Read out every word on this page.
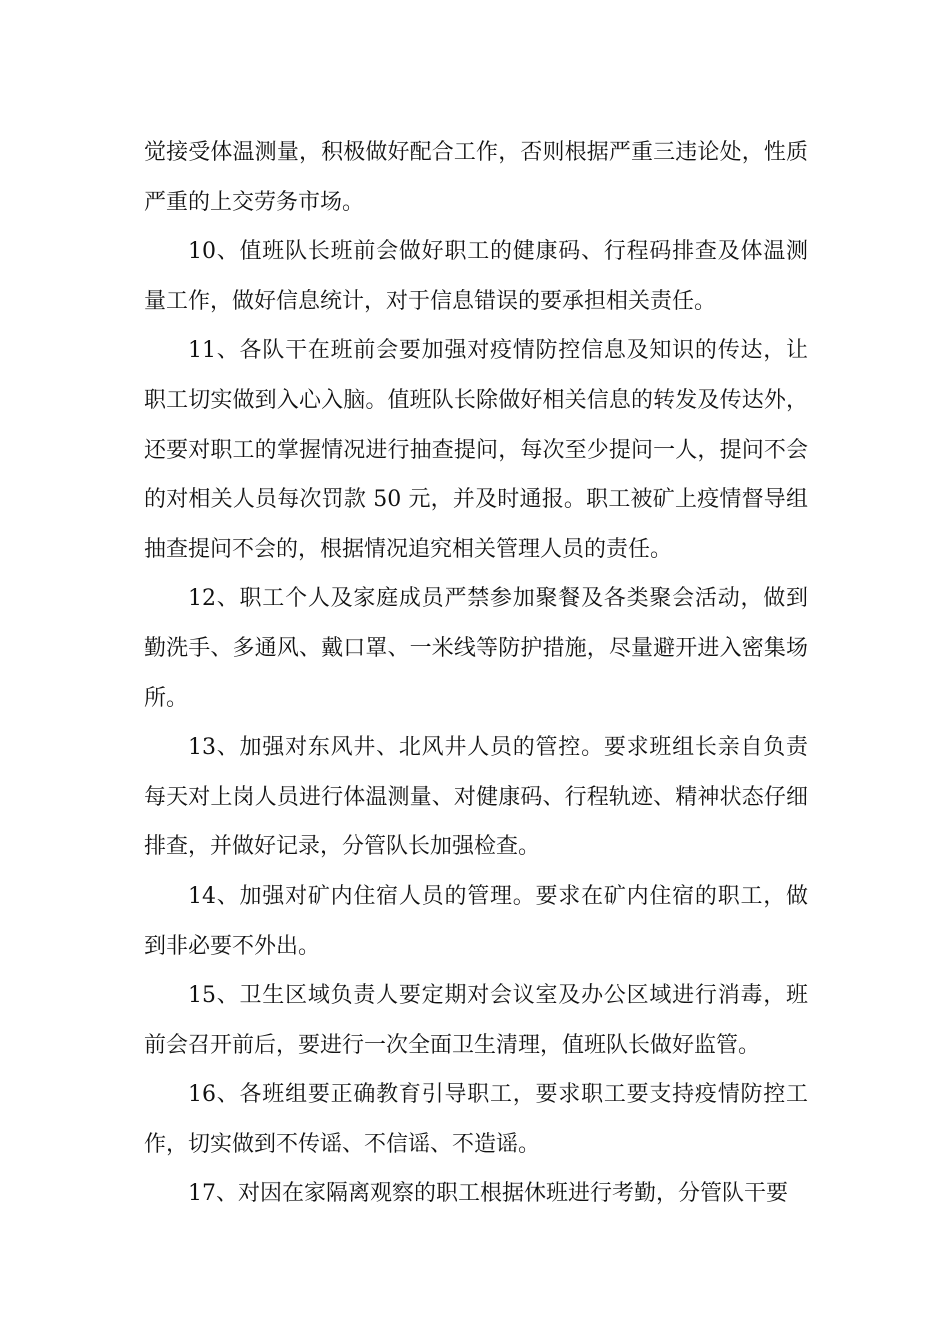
觉接受体温测量，积极做好配合工作，否则根据严重三违论处，性质严重的上交劳务市场。

10、值班队长班前会做好职工的健康码、行程码排查及体温测量工作，做好信息统计，对于信息错误的要承担相关责任。

11、各队干在班前会要加强对疫情防控信息及知识的传达，让职工切实做到入心入脑。值班队长除做好相关信息的转发及传达外，还要对职工的掌握情况进行抽查提问，每次至少提问一人，提问不会的对相关人员每次罚款 50 元，并及时通报。职工被矿上疫情督导组抽查提问不会的，根据情况追究相关管理人员的责任。

12、职工个人及家庭成员严禁参加聚餐及各类聚会活动，做到勤洗手、多通风、戴口罩、一米线等防护措施，尽量避开进入密集场所。

13、加强对东风井、北风井人员的管控。要求班组长亲自负责每天对上岗人员进行体温测量、对健康码、行程轨迹、精神状态仔细排查，并做好记录，分管队长加强检查。

14、加强对矿内住宿人员的管理。要求在矿内住宿的职工，做到非必要不外出。

15、卫生区域负责人要定期对会议室及办公区域进行消毒，班前会召开前后，要进行一次全面卫生清理，值班队长做好监管。

16、各班组要正确教育引导职工，要求职工要支持疫情防控工作，切实做到不传谣、不信谣、不造谣。

17、对因在家隔离观察的职工根据休班进行考勤，分管队干要
